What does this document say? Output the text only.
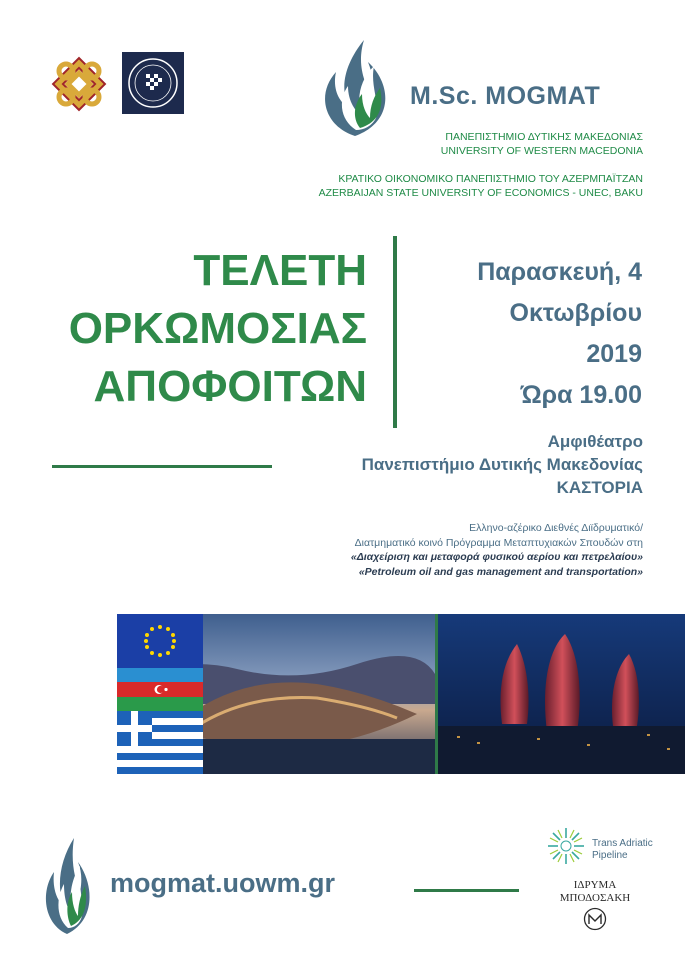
M.Sc. MOGMAT
ΠΑΝΕΠΙΣΤΗΜΙΟ ΔΥΤΙΚΗΣ ΜΑΚΕΔΟΝΙΑΣ
UNIVERSITY OF WESTERN MACEDONIA
ΚΡΑΤΙΚΟ ΟΙΚΟΝΟΜΙΚΟ ΠΑΝΕΠΙΣΤΗΜΙΟ ΤΟΥ ΑΖΕΡΜΠΑΪΤΖΑΝ
AZERBAIJAN STATE UNIVERSITY OF ECONOMICS - UNEC, BAKU
ΤΕΛΕΤΗ
ΟΡΚΩΜΟΣΙΑΣ
ΑΠΟΦΟΙΤΩΝ
Παρασκευή, 4
Οκτωβρίου
2019
Ώρα 19.00
Αμφιθέατρο
Πανεπιστήμιο Δυτικής Μακεδονίας
ΚΑΣΤΟΡΙΑ
Ελληνο-αζέρικο Διεθνές Διϊδρυματικό/
Διατμηματικό κοινό Πρόγραμμα Μεταπτυχιακών Σπουδών στη
«Διαχείριση και μεταφορά φυσικού αερίου και πετρελαίου»
«Petroleum oil and gas management and transportation»
mogmat.uowm.gr
Trans Adriatic
Pipeline
ΙΔΡΥΜΑ
ΜΠΟΔΟΣΑΚΗ
